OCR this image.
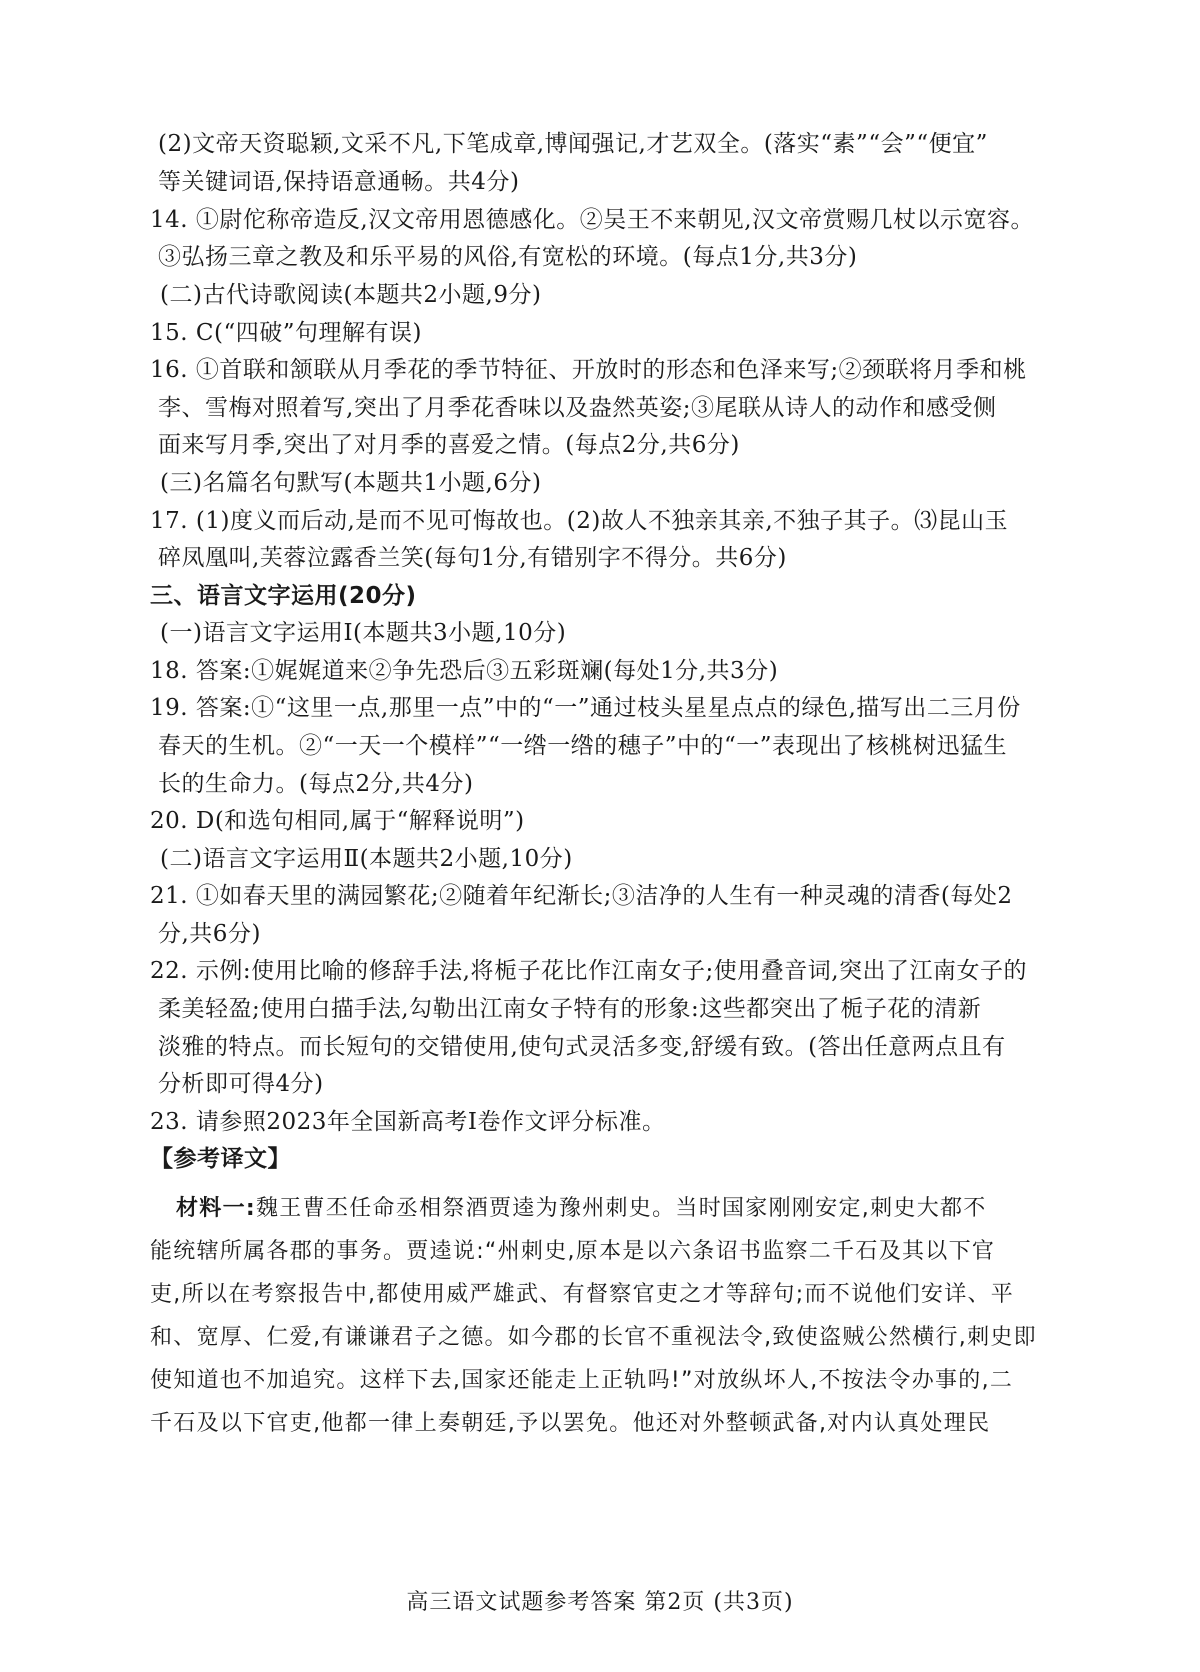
(2)文帝天资聪颖,文采不凡,下笔成章,博闻强记,才艺双全。(落实“素”“会”“便宜”
等关键词语,保持语意通畅。共4分)
14. ①尉佗称帝造反,汉文帝用恩德感化。②吴王不来朝见,汉文帝赏赐几杖以示宽容。
③弘扬三章之教及和乐平易的风俗,有宽松的环境。(每点1分,共3分)
(二)古代诗歌阅读(本题共2小题,9分)
15. C(“四破”句理解有误)
16. ①首联和颔联从月季花的季节特征、开放时的形态和色泽来写;②颈联将月季和桃
李、雪梅对照着写,突出了月季花香味以及盎然英姿;③尾联从诗人的动作和感受侧
面来写月季,突出了对月季的喜爱之情。(每点2分,共6分)
(三)名篇名句默写(本题共1小题,6分)
17. (1)度义而后动,是而不见可悔故也。(2)故人不独亲其亲,不独子其子。⑶昆山玉
碎凤凰叫,芙蓉泣露香兰笑(每句1分,有错别字不得分。共6分)
三、语言文字运用(20分)
(一)语言文字运用Ⅰ(本题共3小题,10分)
18. 答案:①娓娓道来②争先恐后③五彩斑斓(每处1分,共3分)
19. 答案:①“这里一点,那里一点”中的“一”通过枝头星星点点的绿色,描写出二三月份
春天的生机。②“一天一个模样”“一绺一绺的穗子”中的“一”表现出了核桃树迅猛生
长的生命力。(每点2分,共4分)
20. D(和选句相同,属于“解释说明”)
(二)语言文字运用Ⅱ(本题共2小题,10分)
21. ①如春天里的满园繁花;②随着年纪渐长;③洁净的人生有一种灵魂的清香(每处2
分,共6分)
22. 示例:使用比喻的修辞手法,将栀子花比作江南女子;使用叠音词,突出了江南女子的
柔美轻盈;使用白描手法,勾勒出江南女子特有的形象:这些都突出了栀子花的清新
淡雅的特点。而长短句的交错使用,使句式灵活多变,舒缓有致。(答出任意两点且有
分析即可得4分)
23. 请参照2023年全国新高考Ⅰ卷作文评分标准。
【参考译文】
材料一:魏王曹丕任命丞相祭酒贾逵为豫州刺史。当时国家刚刚安定,刺史大都不
能统辖所属各郡的事务。贾逵说:“州刺史,原本是以六条诏书监察二千石及其以下官
吏,所以在考察报告中,都使用威严雄武、有督察官吏之才等辞句;而不说他们安详、平
和、宽厚、仁爱,有谦谦君子之德。如今郡的长官不重视法令,致使盗贼公然横行,刺史即
使知道也不加追究。这样下去,国家还能走上正轨吗!”对放纵坏人,不按法令办事的,二
千石及以下官吏,他都一律上奏朝廷,予以罢免。他还对外整顿武备,对内认真处理民
高三语文试题参考答案 第2页 (共3页)
